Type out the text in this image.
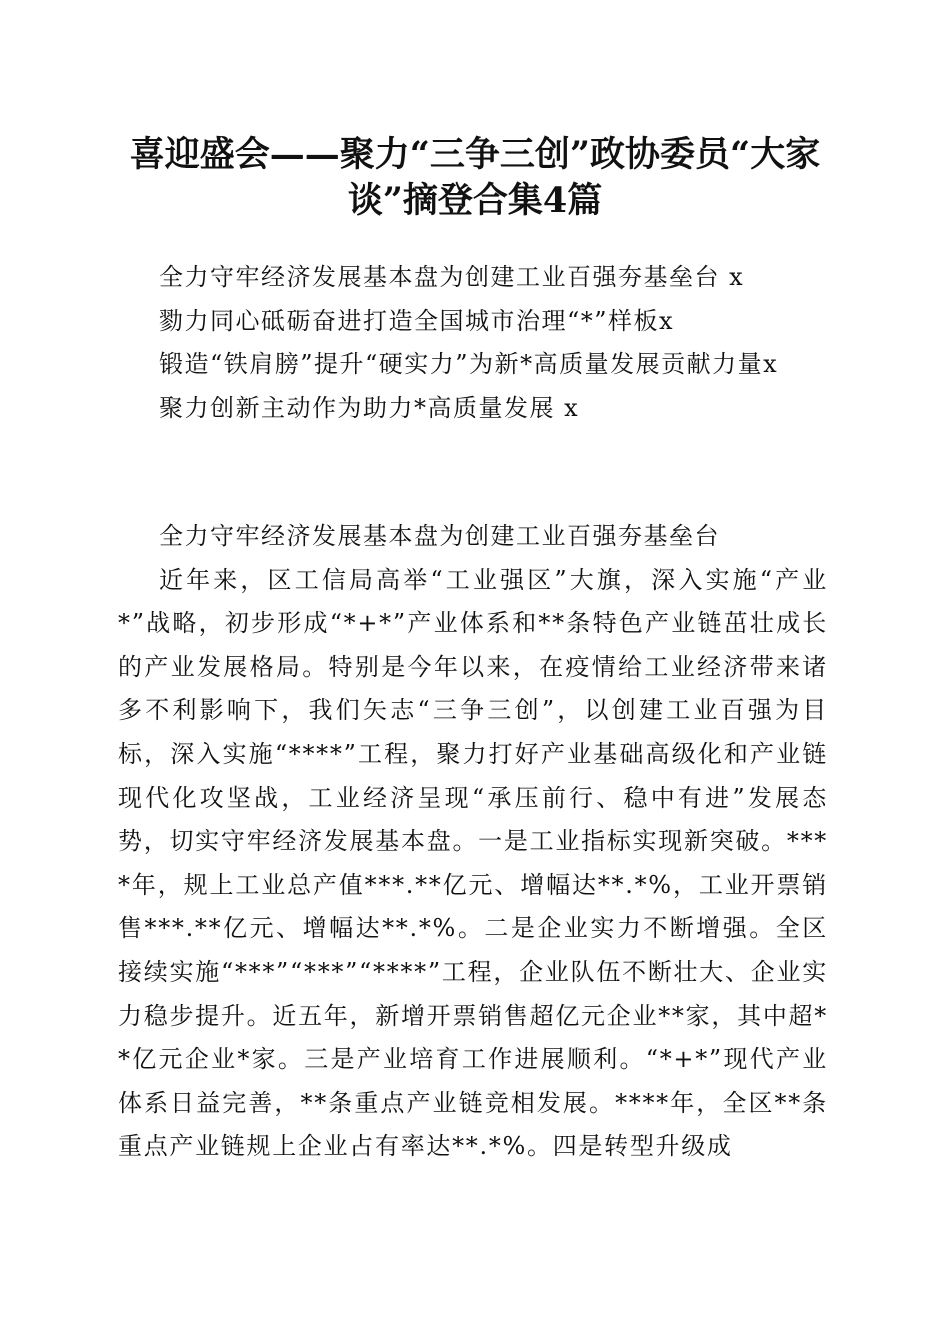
喜迎盛会——聚力“三争三创”政协委员“大家谈”摘登合集4篇
全力守牢经济发展基本盘为创建工业百强夯基垒台 x
勠力同心砥砺奋进打造全国城市治理“*”样板x
锻造“铁肩膀”提升“硬实力”为新*高质量发展贡献力量x
聚力创新主动作为助力*高质量发展 x
全力守牢经济发展基本盘为创建工业百强夯基垒台
近年来，区工信局高举“工业强区”大旗，深入实施“产业*”战略，初步形成“*+*”产业体系和**条特色产业链茁壮成长的产业发展格局。特别是今年以来，在疫情给工业经济带来诸多不利影响下，我们矢志“三争三创”，以创建工业百强为目标，深入实施“****”工程，聚力打好产业基础高级化和产业链现代化攻坚战，工业经济呈现“承压前行、稳中有进”发展态势，切实守牢经济发展基本盘。一是工业指标实现新突破。****年，规上工业总产值***.**亿元、增幅达**.*%，工业开票销售***.**亿元、增幅达**.*%。二是企业实力不断增强。全区接续实施“***”“***”“****”工程，企业队伍不断壮大、企业实力稳步提升。近五年，新增开票销售超亿元企业**家，其中超**亿元企业*家。三是产业培育工作进展顺利。“*+*”现代产业体系日益完善，**条重点产业链竞相发展。****年，全区**条重点产业链规上企业占有率达**.*%。四是转型升级成
